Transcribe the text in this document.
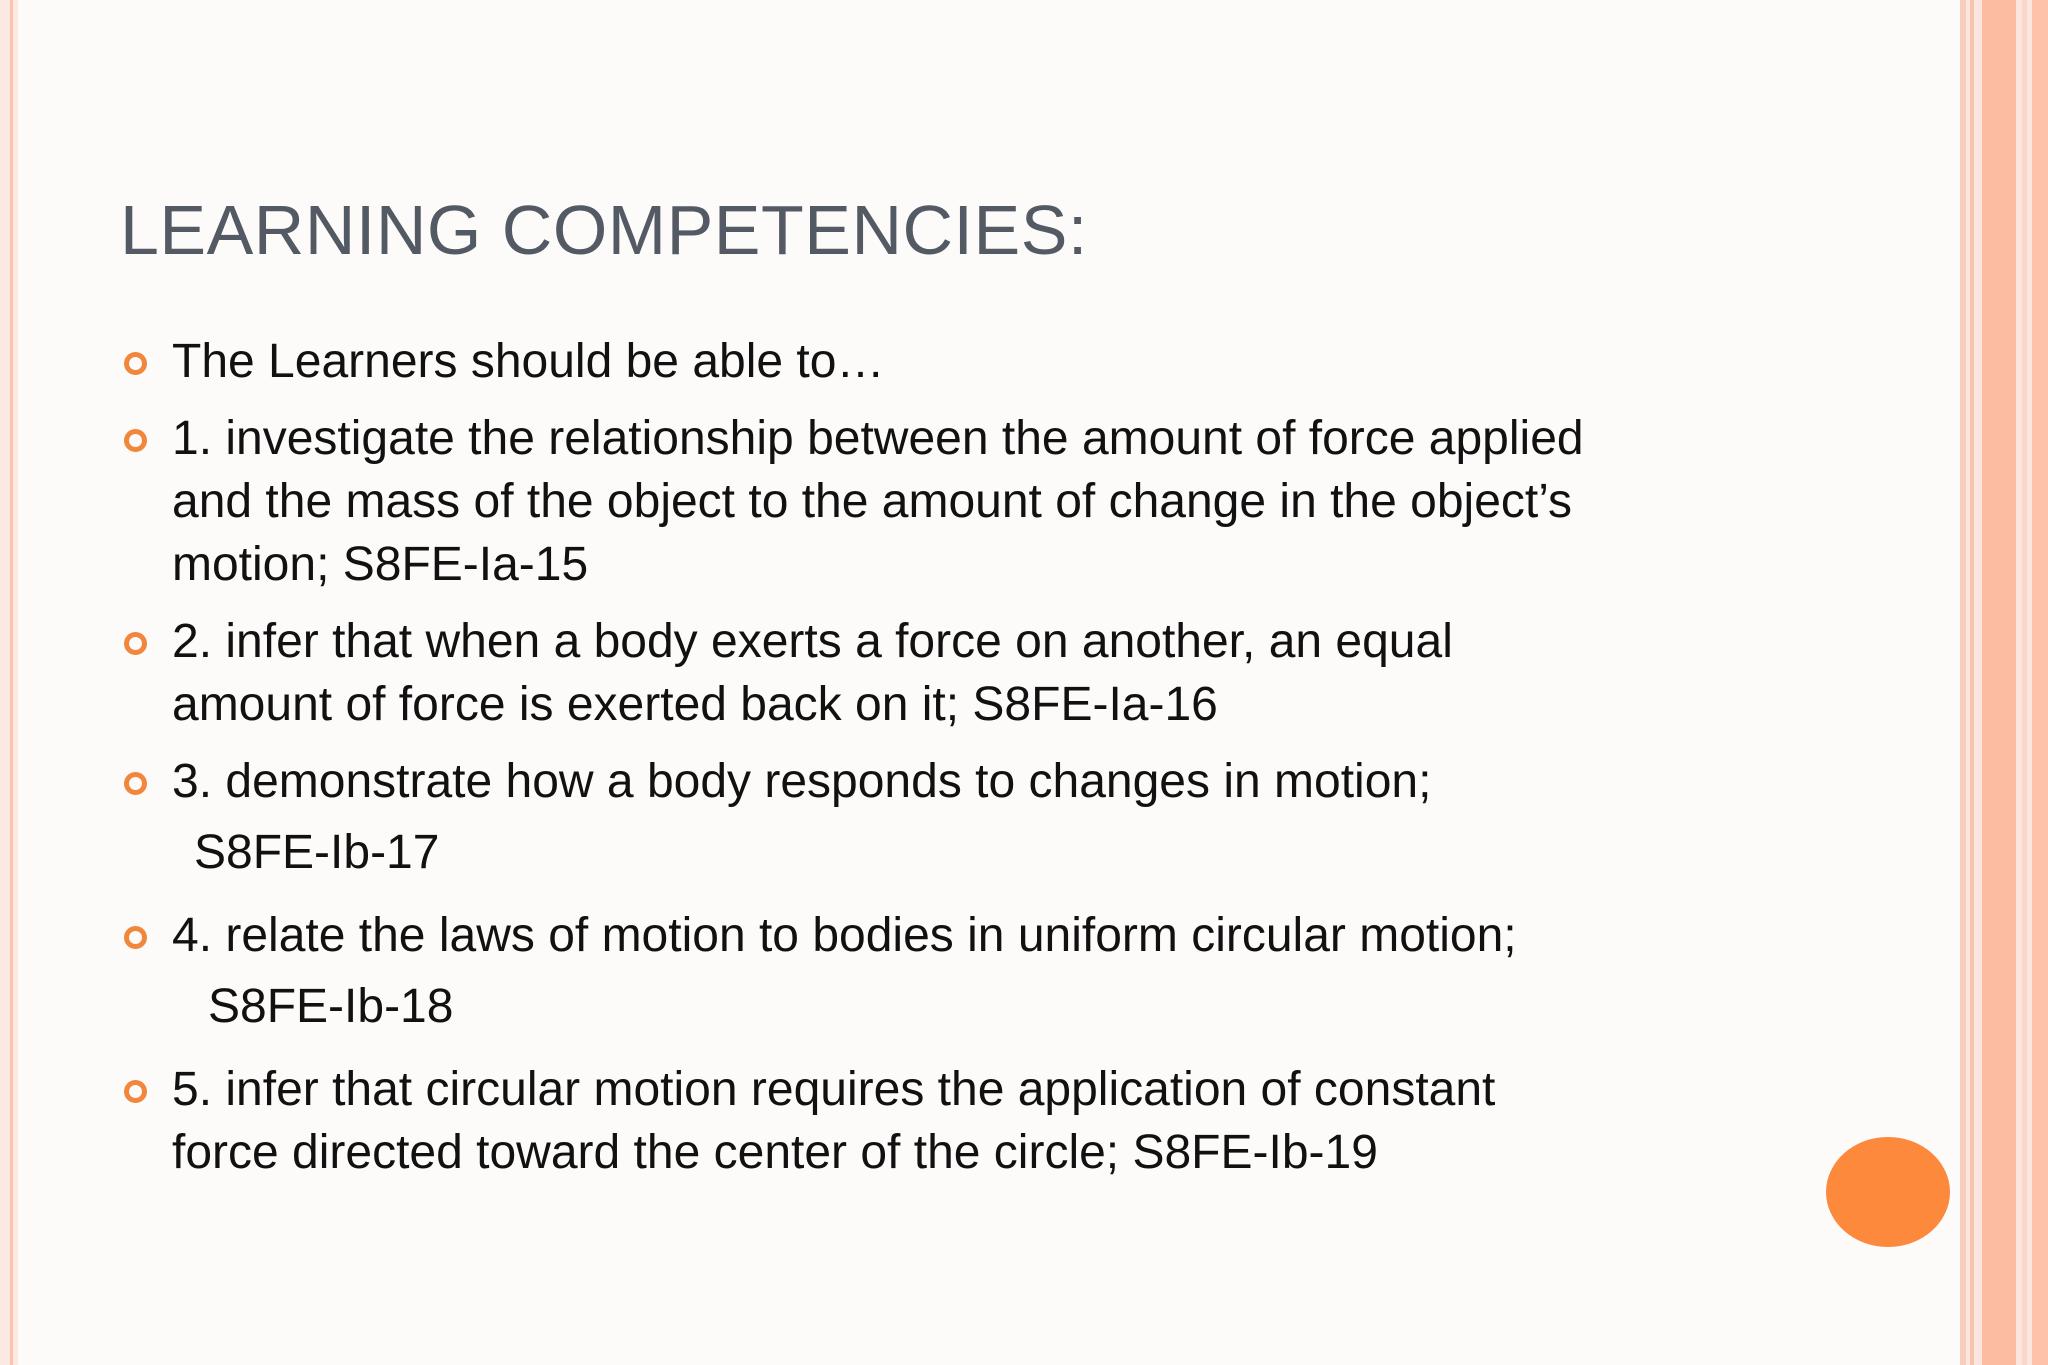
LEARNING COMPETENCIES:
The Learners should be able to…
1. investigate the relationship between the amount of force applied
and the mass of the object to the amount of change in the object’s
motion; S8FE-Ia-15
2. infer that when a body exerts a force on another, an equal
amount of force is exerted back on it; S8FE-Ia-16
3. demonstrate how a body responds to changes in motion;
S8FE-Ib-17
4. relate the laws of motion to bodies in uniform circular motion;
S8FE-Ib-18
5. infer that circular motion requires the application of constant
force directed toward the center of the circle; S8FE-Ib-19
